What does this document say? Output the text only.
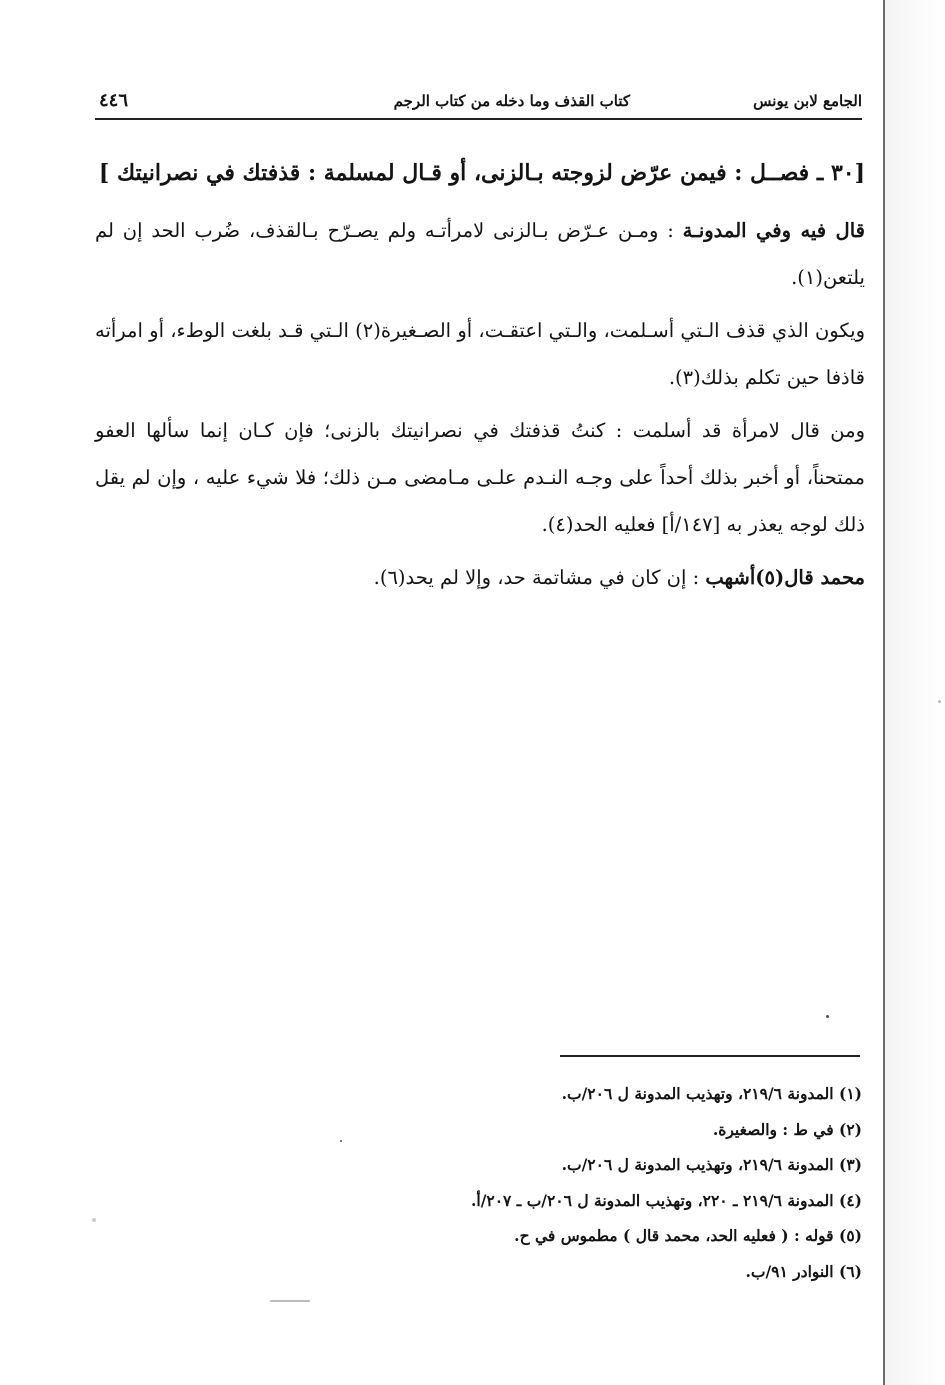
الجامع لابن يونس
كتاب القذف وما دخله من كتاب الرجم
٤٤٦
[٣٠ ـ فصــل : فيمن عرّض لزوجته بـالزنى، أو قـال لمسلمة : قذفتك في نصرانيتك ]
قال فيه وفي المدونـة : ومـن عـرّض بـالزنى لامرأتـه ولم يصـرّح بـالقذف، ضُرب الحد إن لم يلتعن(١).
ويكون الذي قذف الـتي أسـلمت، والـتي اعتقـت، أو الصـغيرة(٢) الـتي قـد بلغت الوطء، أو امرأته قاذفا حين تكلم بذلك(٣).
ومن قال لامرأة قد أسلمت : كنتُ قذفتك في نصرانيتك بالزنى؛ فإن كـان إنما سألها العفو ممتحناً، أو أخبر بذلك أحداً على وجـه النـدم علـى مـامضى مـن ذلك؛ فلا شيء عليه ، وإن لم يقل ذلك لوجه يعذر به [١٤٧/أ] فعليه الحد(٤).
محمد قال(٥)أشهب : إن كان في مشاتمة حد، وإلا لم يحد(٦).
(١) المدونة ٢١٩/٦، وتهذيب المدونة ل ٢٠٦/ب.
(٢) في ط : والصغيرة.
(٣) المدونة ٢١٩/٦، وتهذيب المدونة ل ٢٠٦/ب.
(٤) المدونة ٢١٩/٦ ـ ٢٢٠، وتهذيب المدونة ل ٢٠٦/ب ـ ٢٠٧/أ.
(٥) قوله : ( فعليه الحد، محمد قال ) مطموس في ح.
(٦) النوادر ٩١/ب.
